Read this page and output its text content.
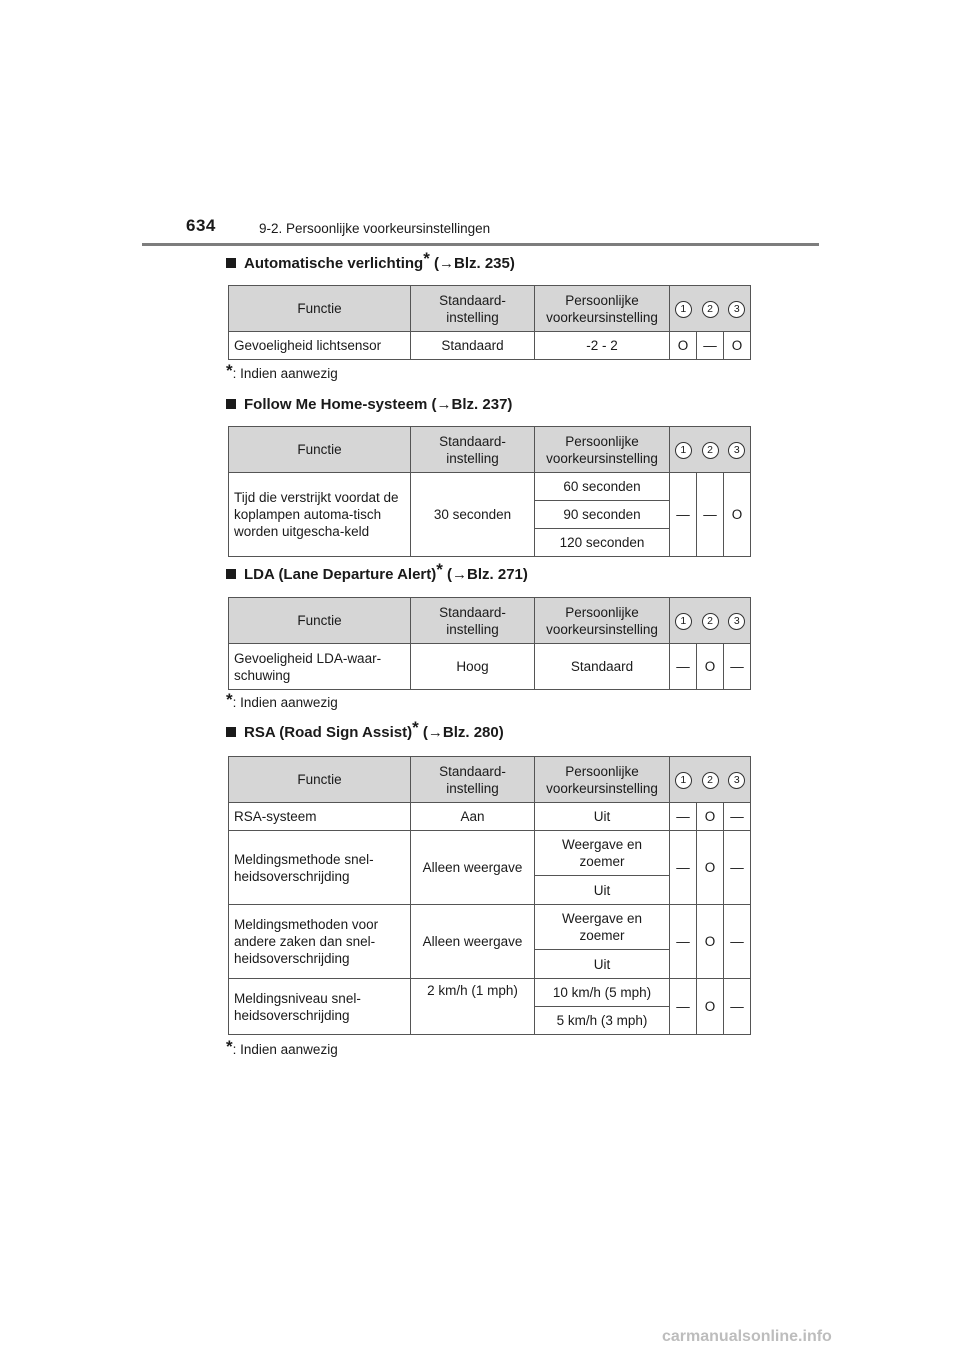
634	9-2. Persoonlijke voorkeursinstellingen
Automatische verlichting* (→Blz. 235)
Functie	Standaard-instelling	Persoonlijke voorkeursinstelling	1	2	3
Gevoeligheid lichtsensor	Standaard	-2 - 2	O	—	O
*: Indien aanwezig
Follow Me Home-systeem (→Blz. 237)
Functie	Standaard-instelling	Persoonlijke voorkeursinstelling	1	2	3
Tijd die verstrijkt voordat de koplampen automa-tisch worden uitgescha-keld	30 seconden	60 seconden	—	—	O
		90 seconden			
		120 seconden			
LDA (Lane Departure Alert)* (→Blz. 271)
Functie	Standaard-instelling	Persoonlijke voorkeursinstelling	1	2	3
Gevoeligheid LDA-waar-schuwing	Hoog	Standaard	—	O	—
*: Indien aanwezig
RSA (Road Sign Assist)* (→Blz. 280)
Functie	Standaard-instelling	Persoonlijke voorkeursinstelling	1	2	3
RSA-systeem	Aan	Uit	—	O	—
Meldingsmethode snel-heidsoverschrijding	Alleen weergave	Weergave en zoemer	—	O	—
		Uit			
Meldingsmethoden voor andere zaken dan snel-heidsoverschrijding	Alleen weergave	Weergave en zoemer	—	O	—
		Uit			
Meldingsniveau snel-heidsoverschrijding	2 km/h (1 mph)	10 km/h (5 mph)	—	O	—
		5 km/h (3 mph)			
*: Indien aanwezig
carmanualsonline.info
